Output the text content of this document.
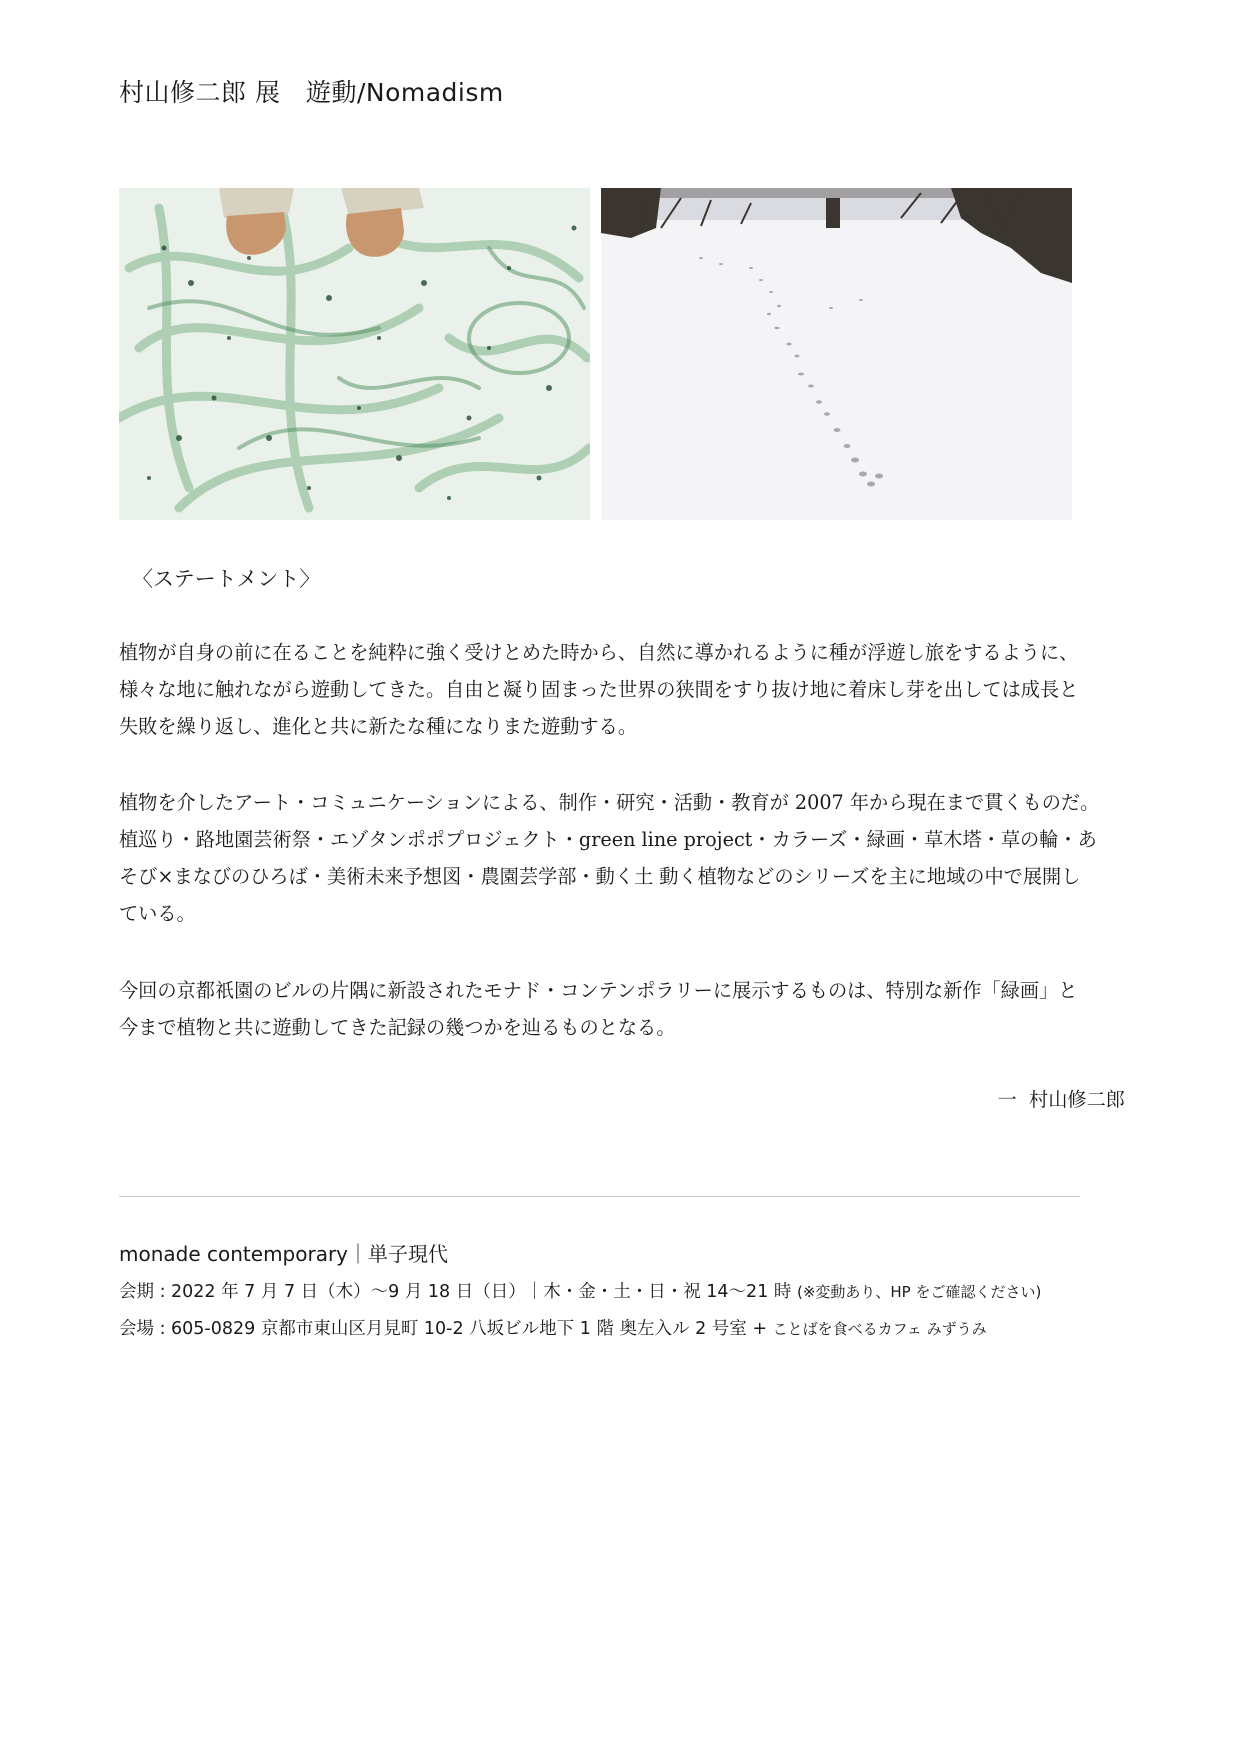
村山修二郎 展　遊動/Nomadism
〈ステートメント〉

植物が自身の前に在ることを純粋に強く受けとめた時から、自然に導かれるように種が浮遊し旅をするように、
様々な地に触れながら遊動してきた。自由と凝り固まった世界の狭間をすり抜け地に着床し芽を出しては成長と
失敗を繰り返し、進化と共に新たな種になりまた遊動する。

植物を介したアート・コミュニケーションによる、制作・研究・活動・教育が 2007 年から現在まで貫くものだ。
植巡り・路地園芸術祭・エゾタンポポプロジェクト・green line project・カラーズ・緑画・草木塔・草の輪・あ
そび×まなびのひろば・美術未来予想図・農園芸学部・動く土 動く植物などのシリーズを主に地域の中で展開し
ている。

今回の京都祇園のビルの片隅に新設されたモナド・コンテンポラリーに展示するものは、特別な新作「緑画」と
今まで植物と共に遊動してきた記録の幾つかを辿るものとなる。

一  村山修二郎
monade contemporary｜単子現代
会期 : 2022 年 7 月 7 日（木）〜9 月 18 日（日）｜木・金・土・日・祝 14〜21 時 (※変動あり、HP をご確認ください)
会場 : 605-0829 京都市東山区月見町 10-2 八坂ビル地下 1 階 奥左入ル 2 号室 + ことばを食べるカフェ みずうみ
